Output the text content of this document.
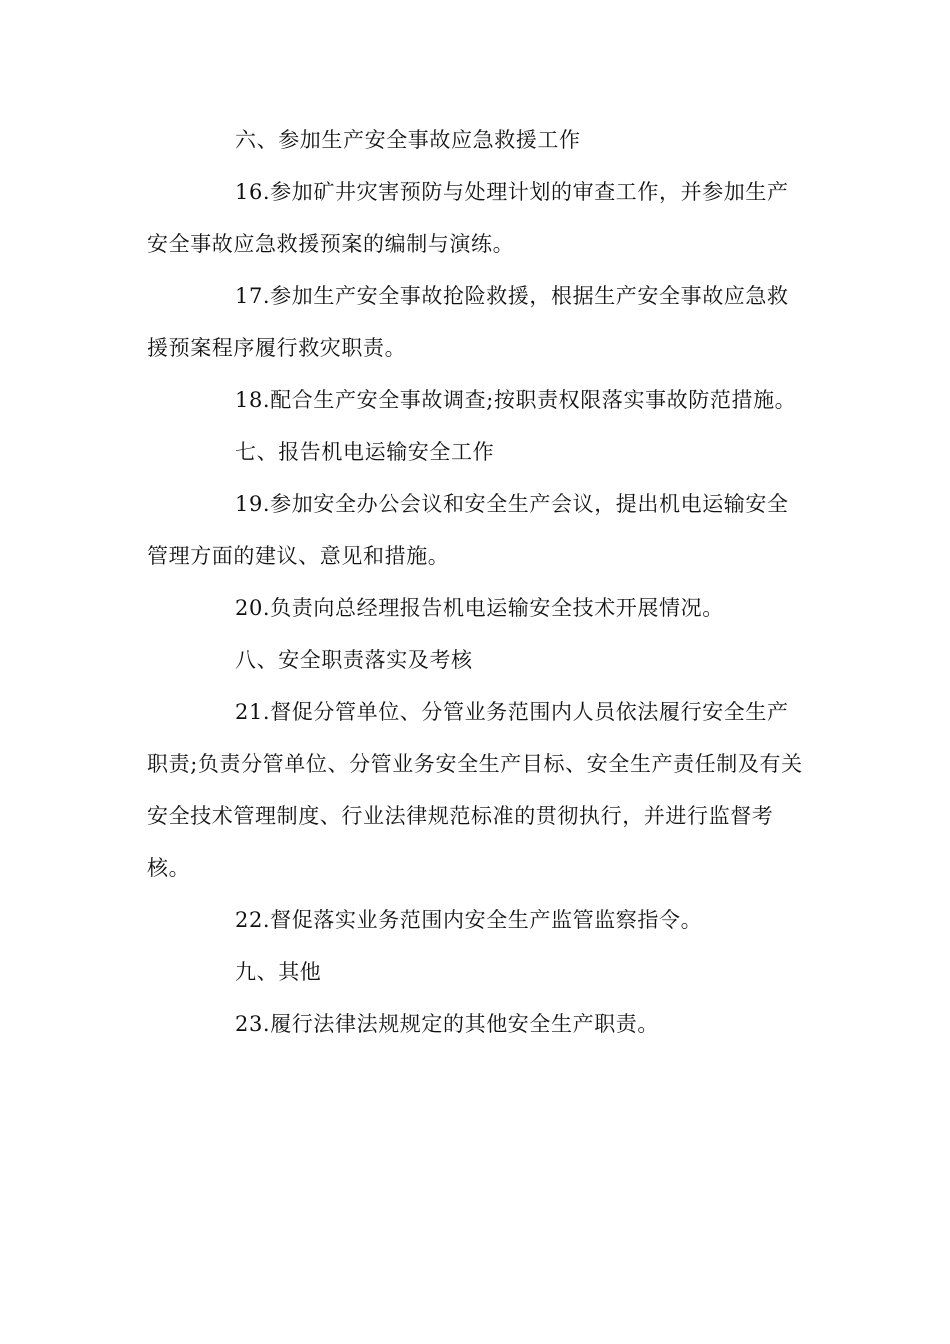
六、参加生产安全事故应急救援工作

16.参加矿井灾害预防与处理计划的审查工作，并参加生产安全事故应急救援预案的编制与演练。

17.参加生产安全事故抢险救援，根据生产安全事故应急救援预案程序履行救灾职责。

18.配合生产安全事故调查;按职责权限落实事故防范措施。

七、报告机电运输安全工作

19.参加安全办公会议和安全生产会议，提出机电运输安全管理方面的建议、意见和措施。

20.负责向总经理报告机电运输安全技术开展情况。

八、安全职责落实及考核

21.督促分管单位、分管业务范围内人员依法履行安全生产职责;负责分管单位、分管业务安全生产目标、安全生产责任制及有关安全技术管理制度、行业法律规范标准的贯彻执行，并进行监督考核。

22.督促落实业务范围内安全生产监管监察指令。

九、其他

23.履行法律法规规定的其他安全生产职责。
